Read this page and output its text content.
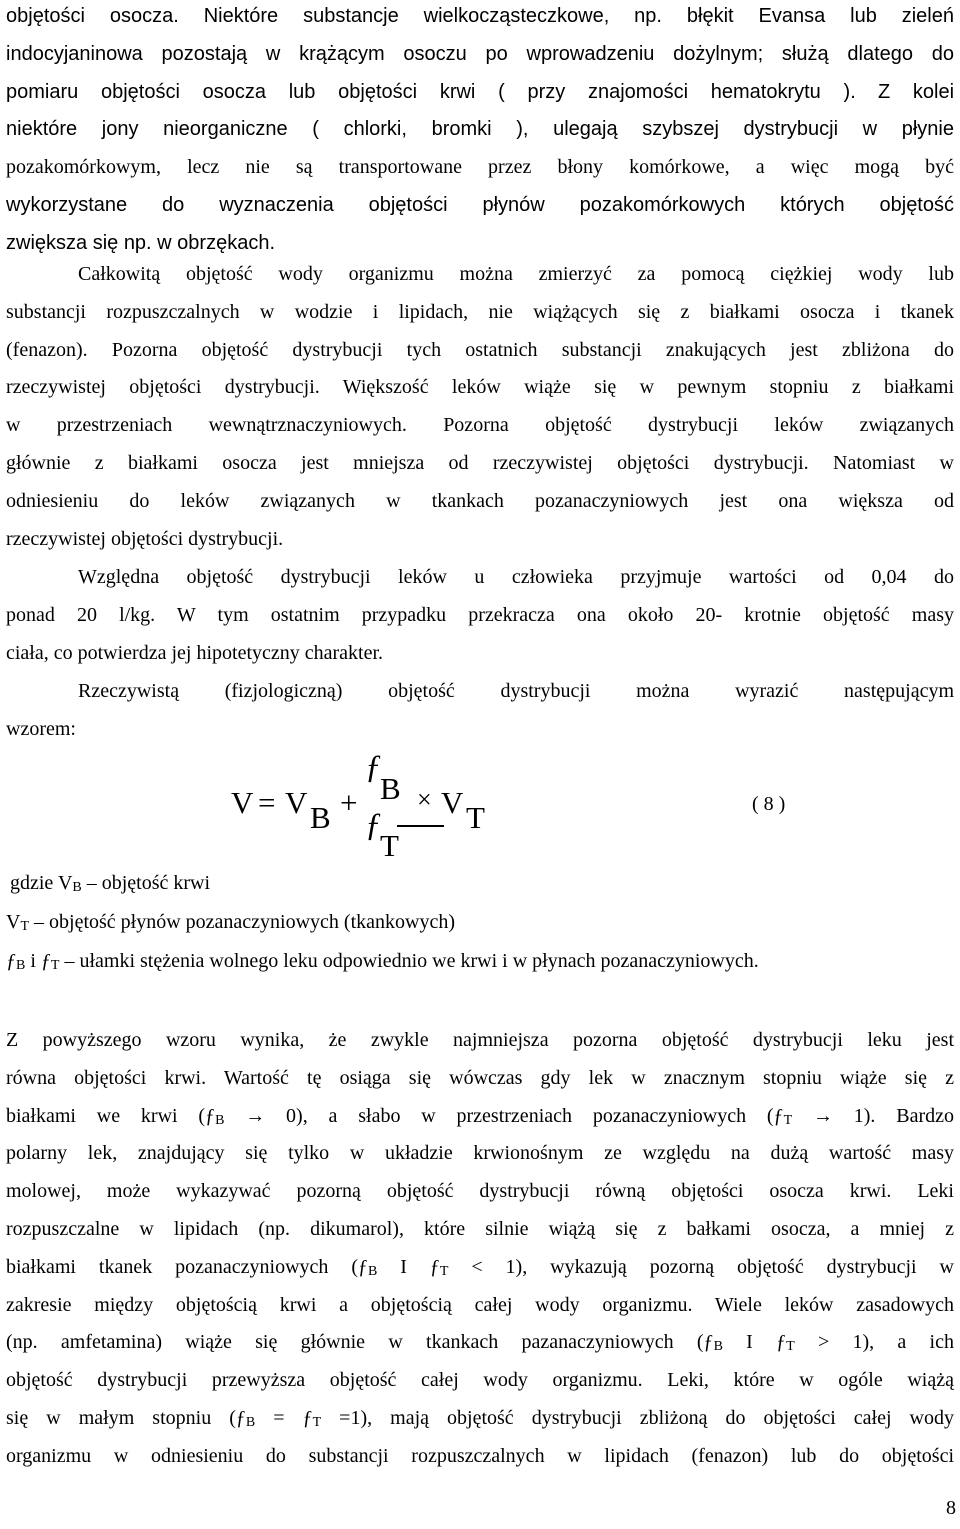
objętości osocza. Niektóre substancje wielkocząsteczkowe, np. błękit Evansa lub zieleń
indocyjaninowa pozostają w krążącym osoczu po wprowadzeniu dożylnym; służą dlatego do
pomiaru objętości osocza lub objętości krwi ( przy znajomości hematokrytu ). Z kolei
niektóre jony nieorganiczne ( chlorki, bromki ), ulegają szybszej dystrybucji w płynie
pozakomórkowym, lecz nie są transportowane przez błony komórkowe, a więc mogą być
wykorzystane do wyznaczenia objętości płynów pozakomórkowych których objętość
zwiększa się np. w obrzękach.
Całkowitą objętość wody organizmu można zmierzyć za pomocą ciężkiej wody lub
substancji rozpuszczalnych w wodzie i lipidach, nie wiążących się z białkami osocza i tkanek
(fenazon). Pozorna objętość dystrybucji tych ostatnich substancji znakujących jest zbliżona do
rzeczywistej objętości dystrybucji. Większość leków wiąże się w pewnym stopniu z białkami
w przestrzeniach wewnątrznaczyniowych. Pozorna objętość dystrybucji leków związanych
głównie z białkami osocza jest mniejsza od rzeczywistej objętości dystrybucji. Natomiast w
odniesieniu do leków związanych w tkankach pozanaczyniowych jest ona większa od
rzeczywistej objętości dystrybucji.
Względna objętość dystrybucji leków u człowieka przyjmuje wartości od 0,04 do
ponad 20 l/kg. W tym ostatnim przypadku przekracza ona około 20- krotnie objętość masy
ciała, co potwierdza jej hipotetyczny charakter.
Rzeczywistą (fizjologiczną) objętość dystrybucji można wyrazić następującym
wzorem:
V = V B +
ƒ
B
ƒ
T
× V T	( 8 )
gdzie $V_B$ – objętość krwi
$V_T$ – objętość płynów pozanaczyniowych (tkankowych)
$ƒ_B$ i $ƒ_T$ – ułamki stężenia wolnego leku odpowiednio we krwi i w płynach pozanaczyniowych.
Z powyższego wzoru wynika, że zwykle najmniejsza pozorna objętość dystrybucji leku jest
równa objętości krwi. Wartość tę osiąga się wówczas gdy lek w znacznym stopniu wiąże się z
białkami we krwi $(ƒ_B \to 0)$, a słabo w przestrzeniach pozanaczyniowych $(ƒ_T \to 1)$. Bardzo
polarny lek, znajdujący się tylko w układzie krwionośnym ze względu na dużą wartość masy
molowej, może wykazywać pozorną objętość dystrybucji równą objętości osocza krwi. Leki
rozpuszczalne w lipidach (np. dikumarol), które silnie wiążą się z bałkami osocza, a mniej z
białkami tkanek pozanaczyniowych ($ƒ_B$ I $ƒ_T < 1$), wykazują pozorną objętość dystrybucji w
zakresie między objętością krwi a objętością całej wody organizmu. Wiele leków zasadowych
(np. amfetamina) wiąże się głównie w tkankach pazanaczyniowych ($ƒ_B$ I $ƒ_T > 1$), a ich
objętość dystrybucji przewyższa objętość całej wody organizmu. Leki, które w ogóle wiążą
się w małym stopniu ($ƒ_B$ = $ƒ_T =1$), mają objętość dystrybucji zbliżoną do objętości całej wody
organizmu w odniesieniu do substancji rozpuszczalnych w lipidach (fenazon) lub do objętości
8
